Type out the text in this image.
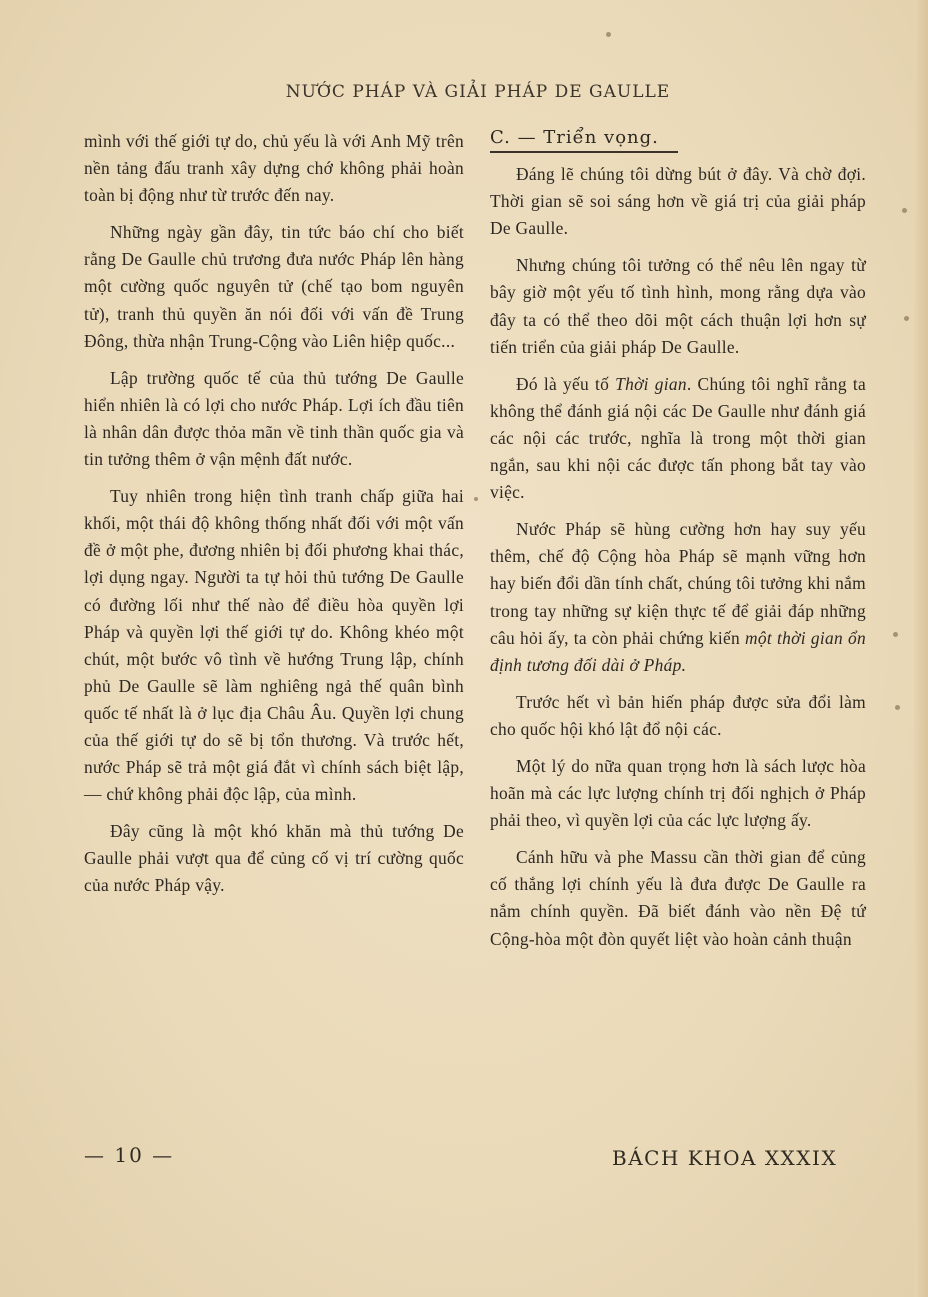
NƯỚC PHÁP VÀ GIẢI PHÁP DE GAULLE

mình với thế giới tự do, chủ yếu là với Anh Mỹ trên nền tảng đấu tranh xây dựng chớ không phải hoàn toàn bị động như từ trước đến nay.

Những ngày gần đây, tin tức báo chí cho biết rằng De Gaulle chủ trương đưa nước Pháp lên hàng một cường quốc nguyên tử (chế tạo bom nguyên tử), tranh thủ quyền ăn nói đối với vấn đề Trung Đông, thừa nhận Trung-Cộng vào Liên hiệp quốc...

Lập trường quốc tế của thủ tướng De Gaulle hiển nhiên là có lợi cho nước Pháp. Lợi ích đầu tiên là nhân dân được thỏa mãn về tinh thần quốc gia và tin tưởng thêm ở vận mệnh đất nước.

Tuy nhiên trong hiện tình tranh chấp giữa hai khối, một thái độ không thống nhất đối với một vấn đề ở một phe, đương nhiên bị đối phương khai thác, lợi dụng ngay. Người ta tự hỏi thủ tướng De Gaulle có đường lối như thế nào để điều hòa quyền lợi Pháp và quyền lợi thế giới tự do. Không khéo một chút, một bước vô tình về hướng Trung lập, chính phủ De Gaulle sẽ làm nghiêng ngả thế quân bình quốc tế nhất là ở lục địa Châu Âu. Quyền lợi chung của thế giới tự do sẽ bị tổn thương. Và trước hết, nước Pháp sẽ trả một giá đắt vì chính sách biệt lập, — chứ không phải độc lập, của mình.

Đây cũng là một khó khăn mà thủ tướng De Gaulle phải vượt qua để củng cố vị trí cường quốc của nước Pháp vậy.

C. — Triển vọng.

Đáng lẽ chúng tôi dừng bút ở đây. Và chờ đợi. Thời gian sẽ soi sáng hơn về giá trị của giải pháp De Gaulle.

Nhưng chúng tôi tưởng có thể nêu lên ngay từ bây giờ một yếu tố tình hình, mong rằng dựa vào đây ta có thể theo dõi một cách thuận lợi hơn sự tiến triển của giải pháp De Gaulle.

Đó là yếu tố Thời gian. Chúng tôi nghĩ rằng ta không thể đánh giá nội các De Gaulle như đánh giá các nội các trước, nghĩa là trong một thời gian ngắn, sau khi nội các được tấn phong bắt tay vào việc.

Nước Pháp sẽ hùng cường hơn hay suy yếu thêm, chế độ Cộng hòa Pháp sẽ mạnh vững hơn hay biến đổi dần tính chất, chúng tôi tưởng khi nắm trong tay những sự kiện thực tế để giải đáp những câu hỏi ấy, ta còn phải chứng kiến một thời gian ổn định tương đối dài ở Pháp.

Trước hết vì bản hiến pháp được sửa đổi làm cho quốc hội khó lật đổ nội các.

Một lý do nữa quan trọng hơn là sách lược hòa hoãn mà các lực lượng chính trị đối nghịch ở Pháp phải theo, vì quyền lợi của các lực lượng ấy.

Cánh hữu và phe Massu cần thời gian để củng cố thắng lợi chính yếu là đưa được De Gaulle ra nắm chính quyền. Đã biết đánh vào nền Đệ tứ Cộng-hòa một đòn quyết liệt vào hoàn cảnh thuận

— 10 —	BÁCH KHOA XXXIX
